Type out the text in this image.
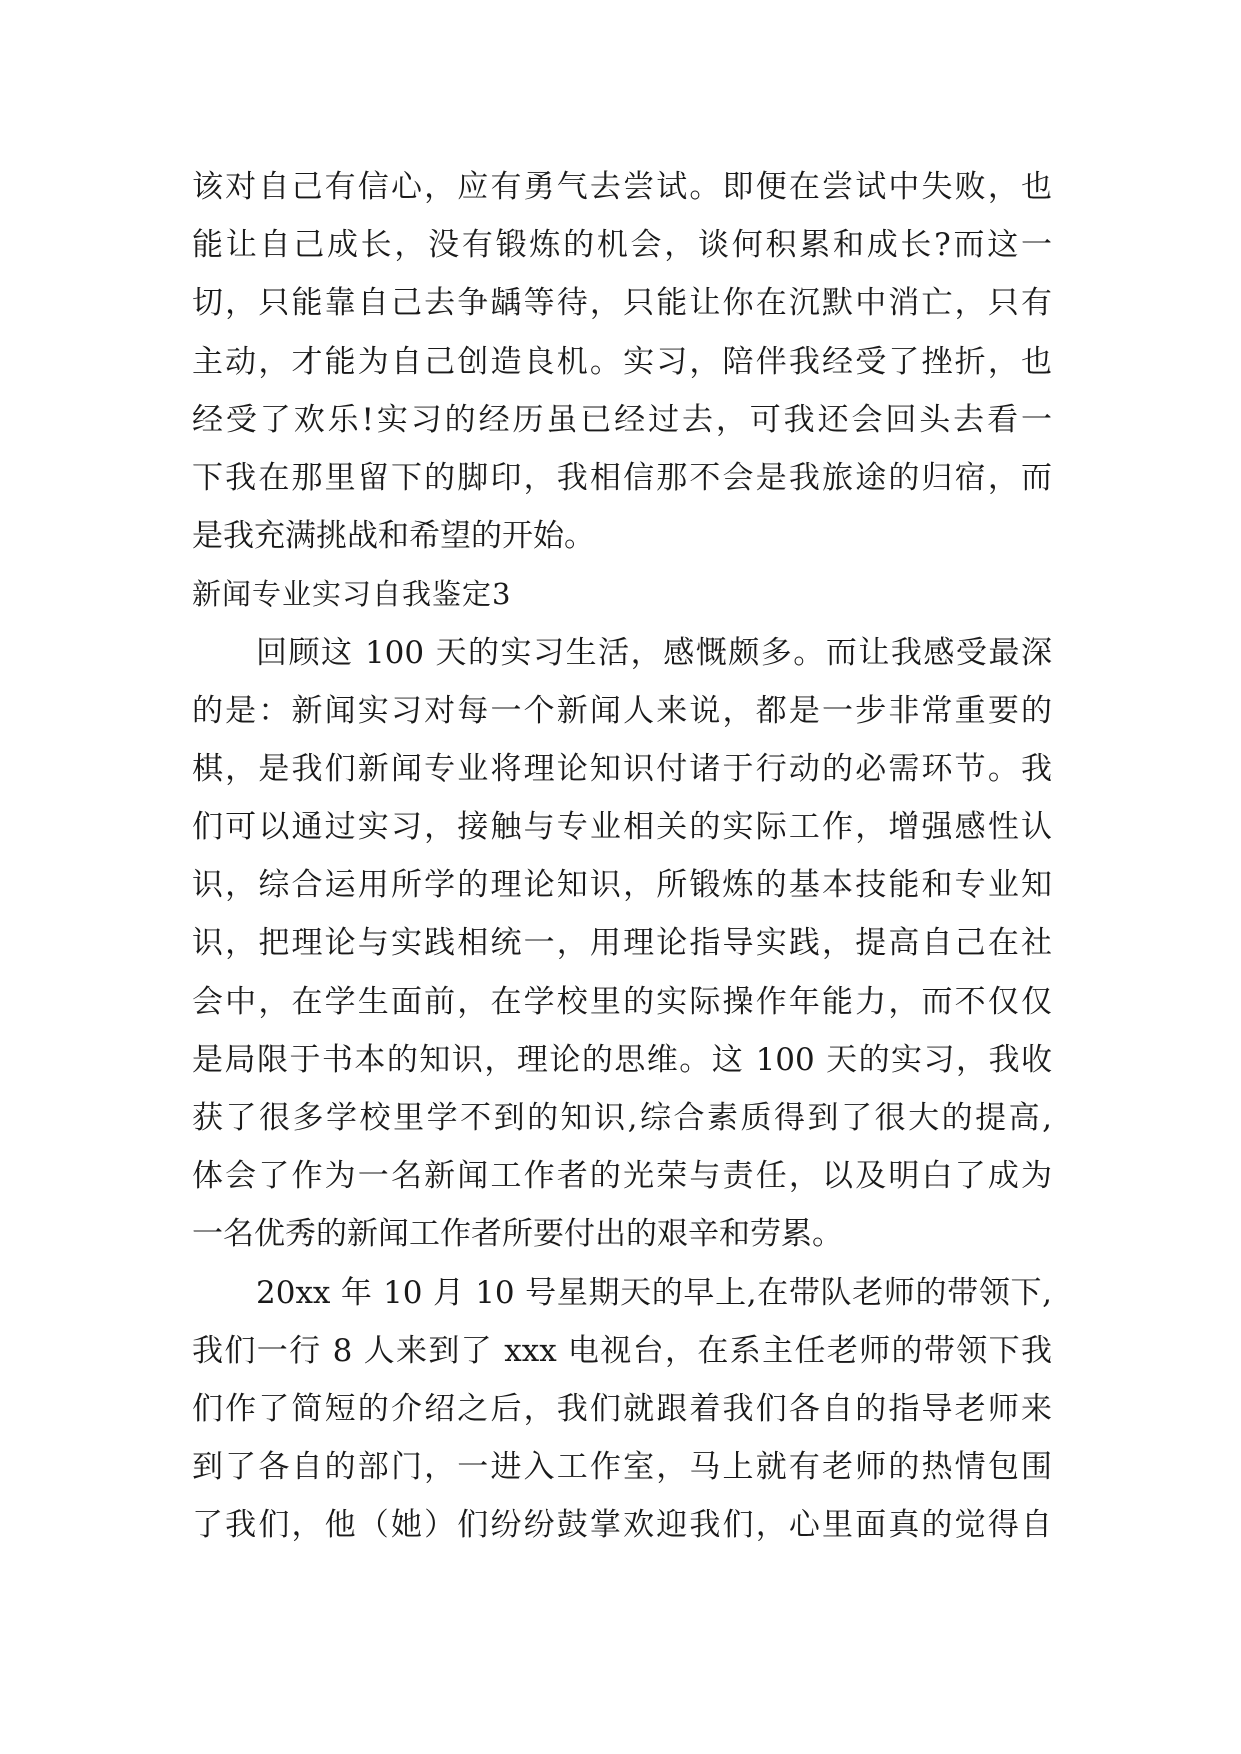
该对自己有信心，应有勇气去尝试。即便在尝试中失败，也
能让自己成长，没有锻炼的机会，谈何积累和成长?而这一
切，只能靠自己去争龋等待，只能让你在沉默中消亡，只有
主动，才能为自己创造良机。实习，陪伴我经受了挫折，也
经受了欢乐!实习的经历虽已经过去，可我还会回头去看一
下我在那里留下的脚印，我相信那不会是我旅途的归宿，而
是我充满挑战和希望的开始。
新闻专业实习自我鉴定3
回顾这 100 天的实习生活，感慨颇多。而让我感受最深
的是：新闻实习对每一个新闻人来说，都是一步非常重要的
棋，是我们新闻专业将理论知识付诸于行动的必需环节。我
们可以通过实习，接触与专业相关的实际工作，增强感性认
识，综合运用所学的理论知识，所锻炼的基本技能和专业知
识，把理论与实践相统一，用理论指导实践，提高自己在社
会中，在学生面前，在学校里的实际操作年能力，而不仅仅
是局限于书本的知识，理论的思维。这 100 天的实习，我收
获了很多学校里学不到的知识,综合素质得到了很大的提高,
体会了作为一名新闻工作者的光荣与责任，以及明白了成为
一名优秀的新闻工作者所要付出的艰辛和劳累。
20xx 年 10 月 10 号星期天的早上,在带队老师的带领下,
我们一行 8 人来到了 xxx 电视台，在系主任老师的带领下我
们作了简短的介绍之后，我们就跟着我们各自的指导老师来
到了各自的部门，一进入工作室，马上就有老师的热情包围
了我们，他（她）们纷纷鼓掌欢迎我们，心里面真的觉得自
